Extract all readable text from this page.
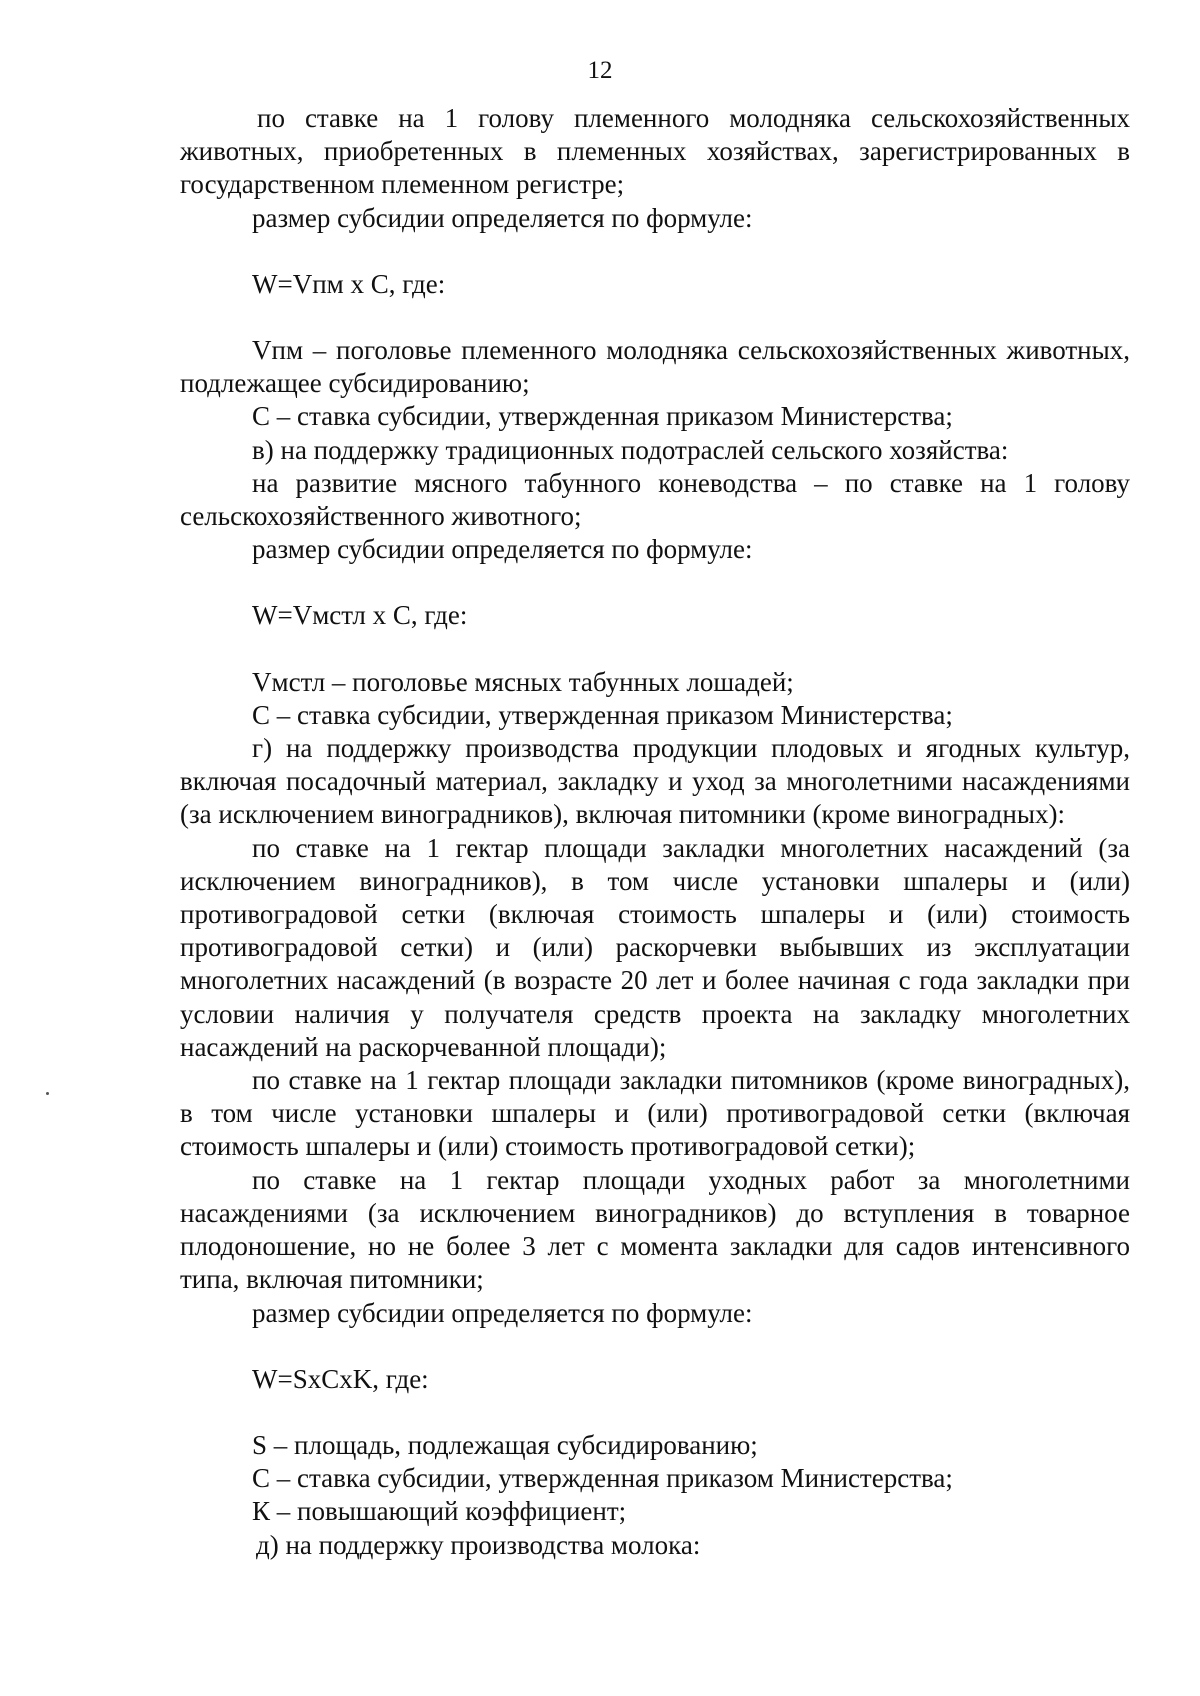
12

по ставке на 1 голову племенного молодняка сельскохозяйственных животных, приобретенных в племенных хозяйствах, зарегистрированных в государственном племенном регистре;

размер субсидии определяется по формуле:

W=Vпм х С, где:

Vпм – поголовье племенного молодняка сельскохозяйственных животных, подлежащее субсидированию;

С – ставка субсидии, утвержденная приказом Министерства;

в) на поддержку традиционных подотраслей сельского хозяйства:

на развитие мясного табунного коневодства – по ставке на 1 голову сельскохозяйственного животного;

размер субсидии определяется по формуле:

W=Vмстл х С, где:

Vмстл – поголовье мясных табунных лошадей;

С – ставка субсидии, утвержденная приказом Министерства;

г) на поддержку производства продукции плодовых и ягодных культур, включая посадочный материал, закладку и уход за многолетними насаждениями (за исключением виноградников), включая питомники (кроме виноградных):

по ставке на 1 гектар площади закладки многолетних насаждений (за исключением виноградников), в том числе установки шпалеры и (или) противоградовой сетки (включая стоимость шпалеры и (или) стоимость противоградовой сетки) и (или) раскорчевки выбывших из эксплуатации многолетних насаждений (в возрасте 20 лет и более начиная с года закладки при условии наличия у получателя средств проекта на закладку многолетних насаждений на раскорчеванной площади);

по ставке на 1 гектар площади закладки питомников (кроме виноградных), в том числе установки шпалеры и (или) противоградовой сетки (включая стоимость шпалеры и (или) стоимость противоградовой сетки);

по ставке на 1 гектар площади уходных работ за многолетними насаждениями (за исключением виноградников) до вступления в товарное плодоношение, но не более 3 лет с момента закладки для садов интенсивного типа, включая питомники;

размер субсидии определяется по формуле:

W=SxCxK, где:

S – площадь, подлежащая субсидированию;

С – ставка субсидии, утвержденная приказом Министерства;

К – повышающий коэффициент;

д) на поддержку производства молока:
